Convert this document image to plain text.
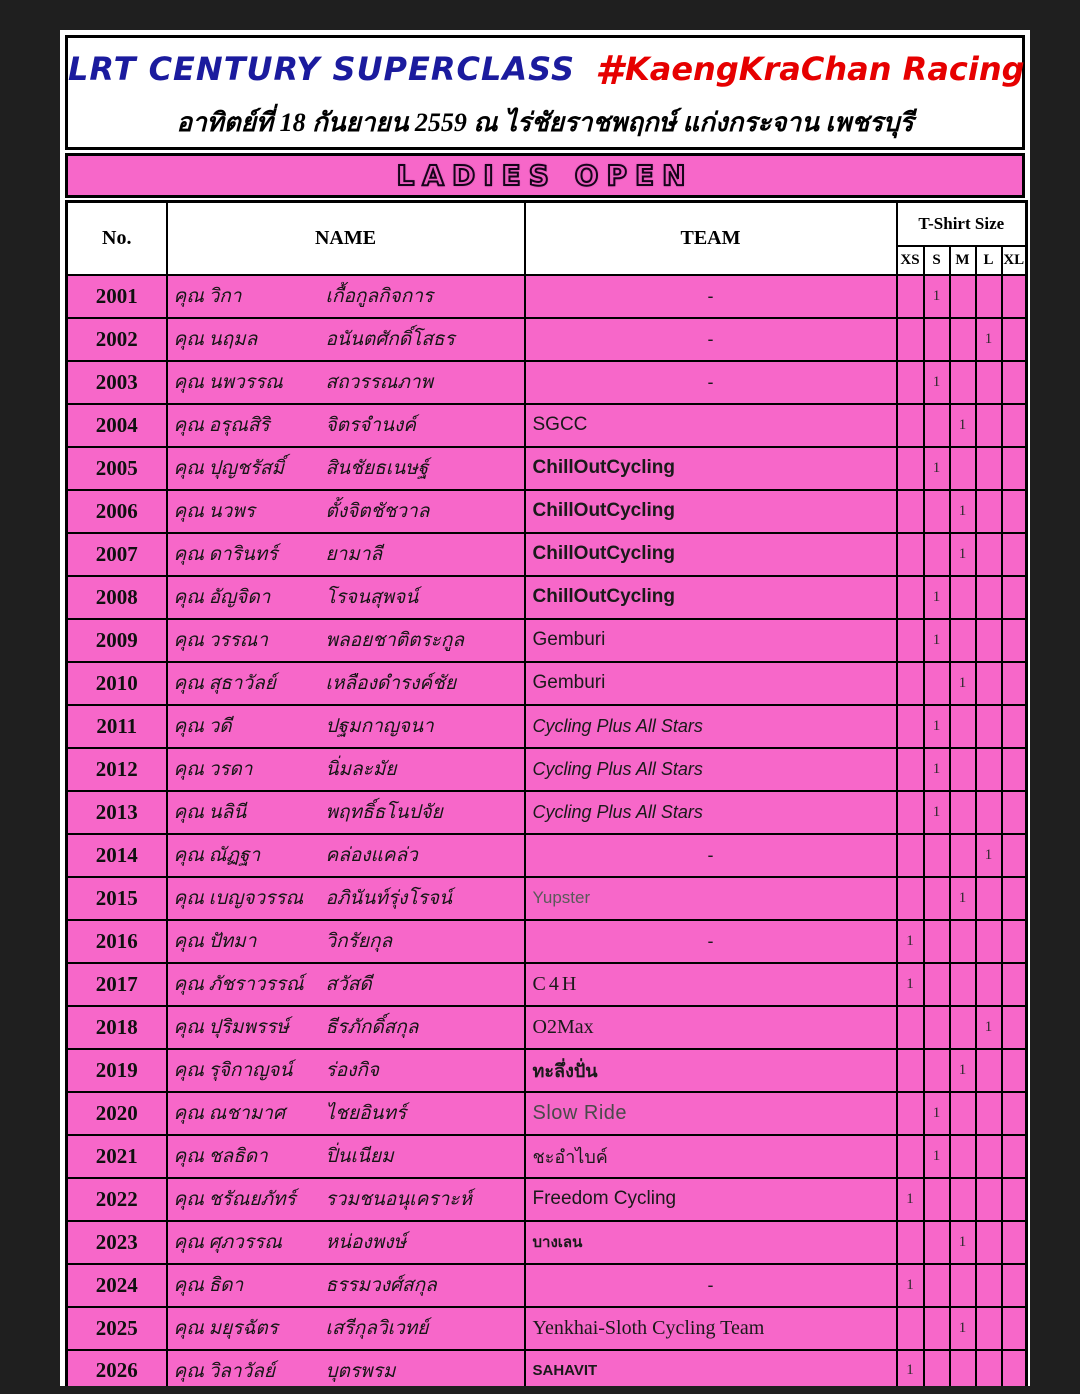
LRT CENTURY SUPERCLASS #KaengKraChan Racing
อาทิตย์ที่ 18 กันยายน 2559 ณ ไร่ชัยราชพฤกษ์ แก่งกระจาน เพชรบุรี
LADIES OPEN
No.	NAME	TEAM	T-Shirt Size				
			XS	S	M	L	XL
2001	คุณ วิกา เกื้อกูลกิจการ	-		1			
2002	คุณ นฤมล อนันตศักดิ์โสธร	-				1	
2003	คุณ นพวรรณ สถวรรณภาพ	-		1			
2004	คุณ อรุณสิริ จิตรจำนงค์	SGCC			1		
2005	คุณ ปุญชรัสมิ์ สินชัยธเนษฐ์	ChillOutCycling		1			
2006	คุณ นวพร ตั้งจิตชัชวาล	ChillOutCycling			1		
2007	คุณ ดารินทร์ ยามาลี	ChillOutCycling			1		
2008	คุณ อัญจิดา โรจนสุพจน์	ChillOutCycling		1			
2009	คุณ วรรณา พลอยชาติตระกูล	Gemburi		1			
2010	คุณ สุธาวัลย์ เหลืองดำรงค์ชัย	Gemburi			1		
2011	คุณ วดี ปฐมกาญจนา	Cycling Plus All Stars		1			
2012	คุณ วรดา นิ่มละมัย	Cycling Plus All Stars		1			
2013	คุณ นลินี พฤทธิ์ธโนปจัย	Cycling Plus All Stars		1			
2014	คุณ ณัฏฐา คล่องแคล่ว	-				1	
2015	คุณ เบญจวรรณ อภินันท์รุ่งโรจน์	Yupster			1		
2016	คุณ ปัทมา วิกรัยกุล	-	1				
2017	คุณ ภัชราวรรณ์ สวัสดี	C4H	1				
2018	คุณ ปุริมพรรษ์ ธีรภักดิ์สกุล	O2Max				1	
2019	คุณ รุจิกาญจน์ ร่องกิจ	ทะลึ่งปั่น			1		
2020	คุณ ณชามาศ ไชยอินทร์	Slow Ride		1			
2021	คุณ ชลธิดา ปิ่นเนียม	ชะอำไบค์		1			
2022	คุณ ชรัณยภัทร์ รวมชนอนุเคราะห์	Freedom Cycling	1				
2023	คุณ ศุภวรรณ หน่องพงษ์	บางเลน			1		
2024	คุณ ธิดา ธรรมวงศ์สกุล	-	1				
2025	คุณ มยุรฉัตร เสรีกุลวิเวทย์	Yenkhai-Sloth Cycling Team			1		
2026	คุณ วิลาวัลย์ บุตรพรม	SAHAVIT	1				
